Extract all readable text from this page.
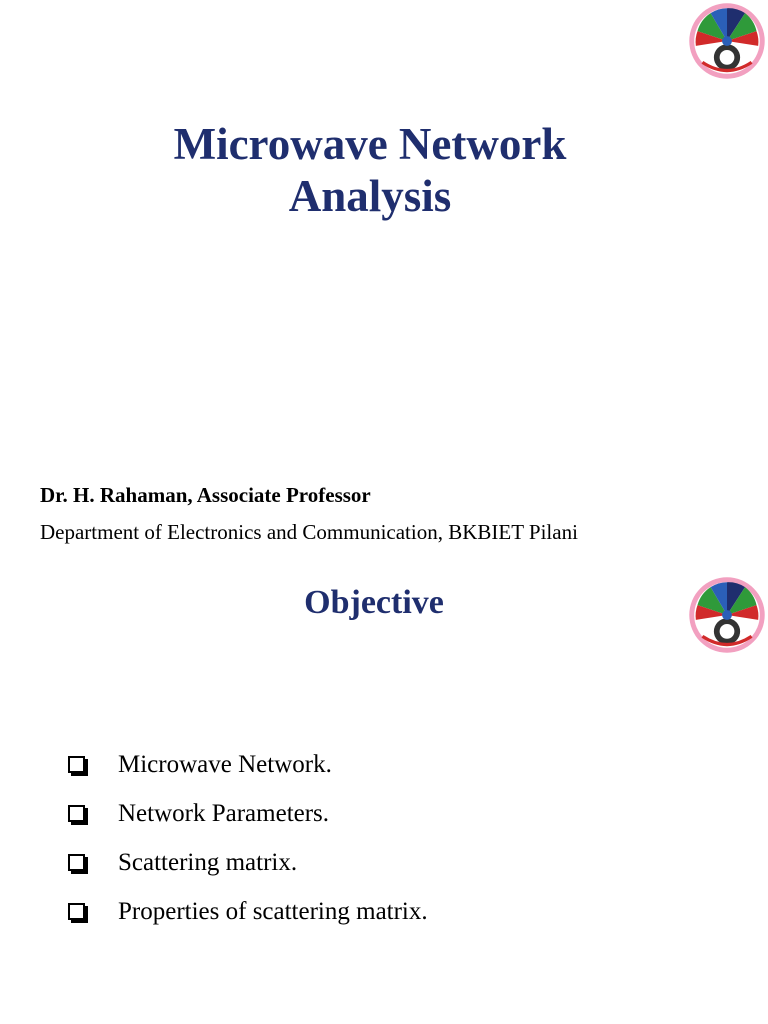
Microwave Network
Analysis
Dr. H. Rahaman, Associate Professor
Department of Electronics and Communication, BKBIET Pilani
Objective
Microwave Network.
Network Parameters.
Scattering matrix.
Properties of scattering matrix.
